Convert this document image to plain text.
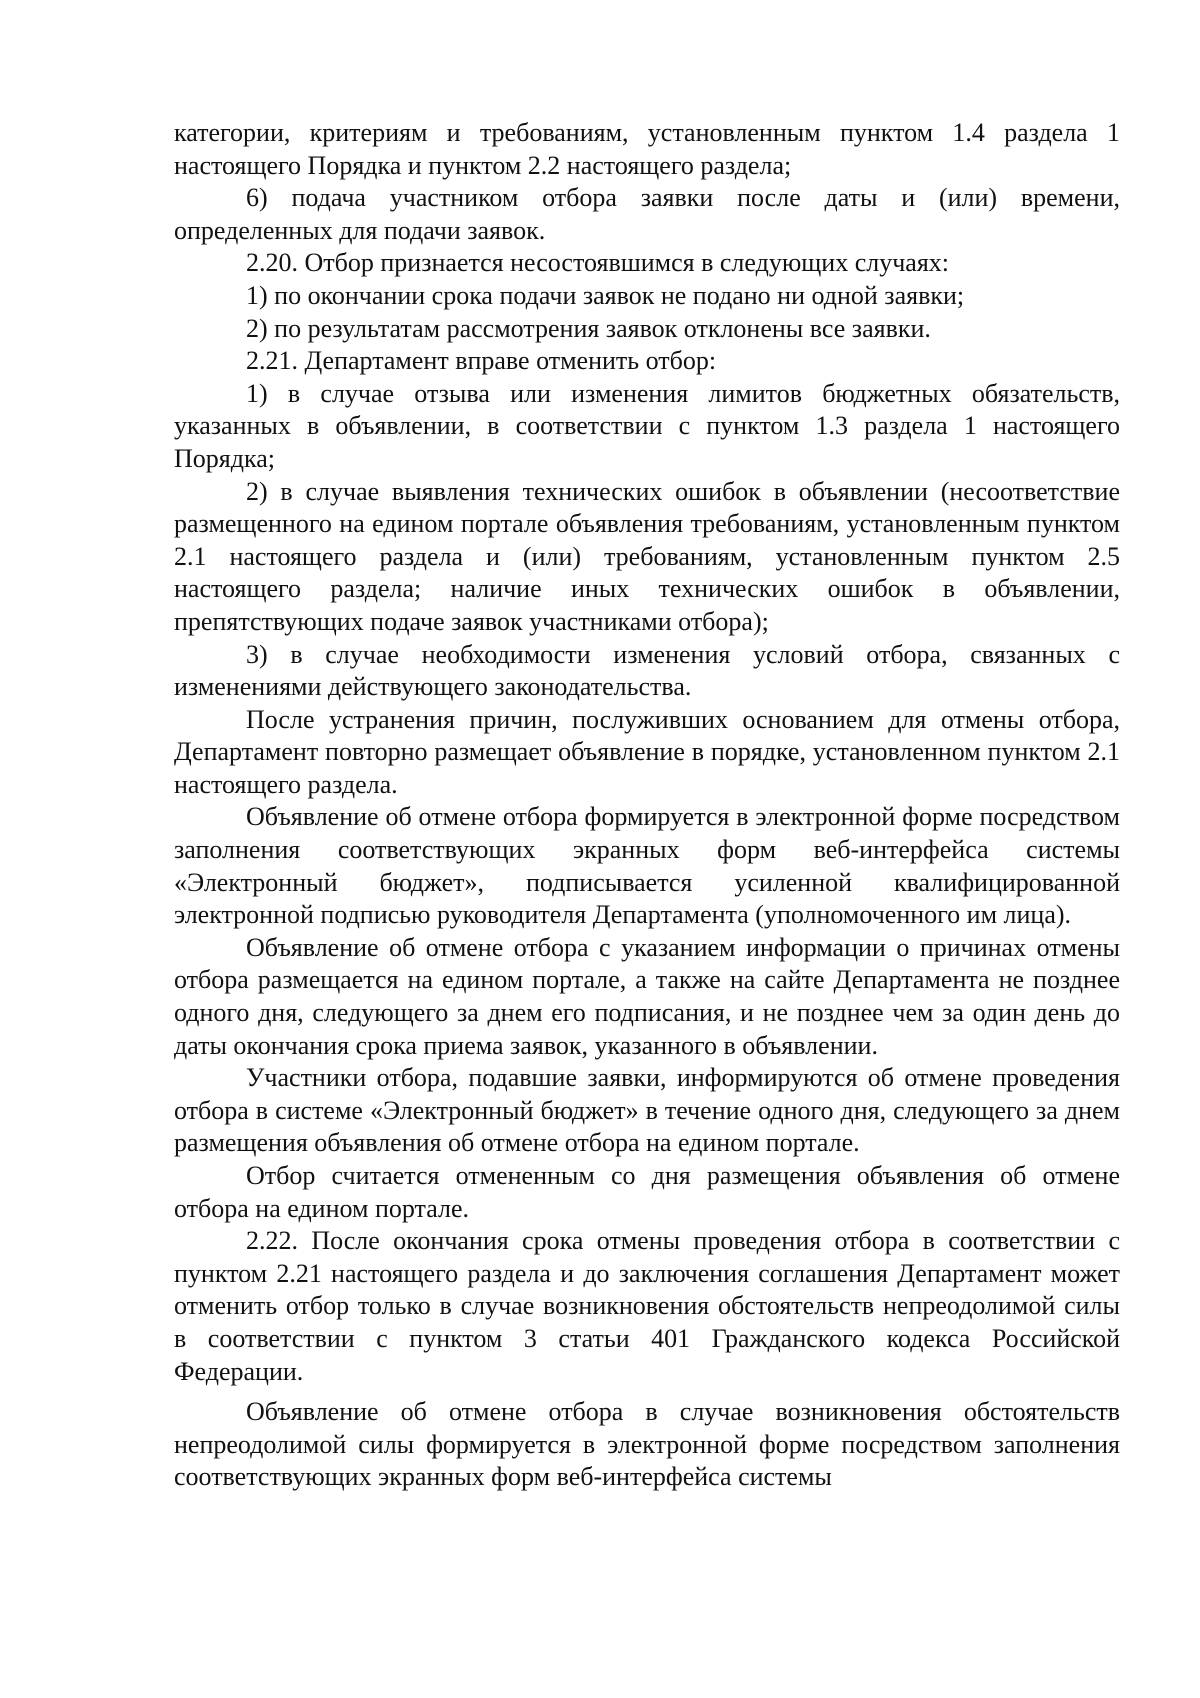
категории, критериям и требованиям, установленным пунктом 1.4 раздела 1 настоящего Порядка и пунктом 2.2 настоящего раздела;

6) подача участником отбора заявки после даты и (или) времени, определенных для подачи заявок.

2.20. Отбор признается несостоявшимся в следующих случаях:

1) по окончании срока подачи заявок не подано ни одной заявки;

2) по результатам рассмотрения заявок отклонены все заявки.

2.21. Департамент вправе отменить отбор:

1) в случае отзыва или изменения лимитов бюджетных обязательств, указанных в объявлении, в соответствии с пунктом 1.3 раздела 1 настоящего Порядка;

2) в случае выявления технических ошибок в объявлении (несоответствие размещенного на едином портале объявления требованиям, установленным пунктом 2.1 настоящего раздела и (или) требованиям, установленным пунктом 2.5 настоящего раздела; наличие иных технических ошибок в объявлении, препятствующих подаче заявок участниками отбора);

3) в случае необходимости изменения условий отбора, связанных с изменениями действующего законодательства.

После устранения причин, послуживших основанием для отмены отбора, Департамент повторно размещает объявление в порядке, установленном пунктом 2.1 настоящего раздела.

Объявление об отмене отбора формируется в электронной форме посредством заполнения соответствующих экранных форм веб-интерфейса системы «Электронный бюджет», подписывается усиленной квалифицированной электронной подписью руководителя Департамента (уполномоченного им лица).

Объявление об отмене отбора с указанием информации о причинах отмены отбора размещается на едином портале, а также на сайте Департамента не позднее одного дня, следующего за днем его подписания, и не позднее чем за один день до даты окончания срока приема заявок, указанного в объявлении.

Участники отбора, подавшие заявки, информируются об отмене проведения отбора в системе «Электронный бюджет» в течение одного дня, следующего за днем размещения объявления об отмене отбора на едином портале.

Отбор считается отмененным со дня размещения объявления об отмене отбора на едином портале.

2.22. После окончания срока отмены проведения отбора в соответствии с пунктом 2.21 настоящего раздела и до заключения соглашения Департамент может отменить отбор только в случае возникновения обстоятельств непреодолимой силы в соответствии с пунктом 3 статьи 401 Гражданского кодекса Российской Федерации.

Объявление об отмене отбора в случае возникновения обстоятельств непреодолимой силы формируется в электронной форме посредством заполнения соответствующих экранных форм веб-интерфейса системы
